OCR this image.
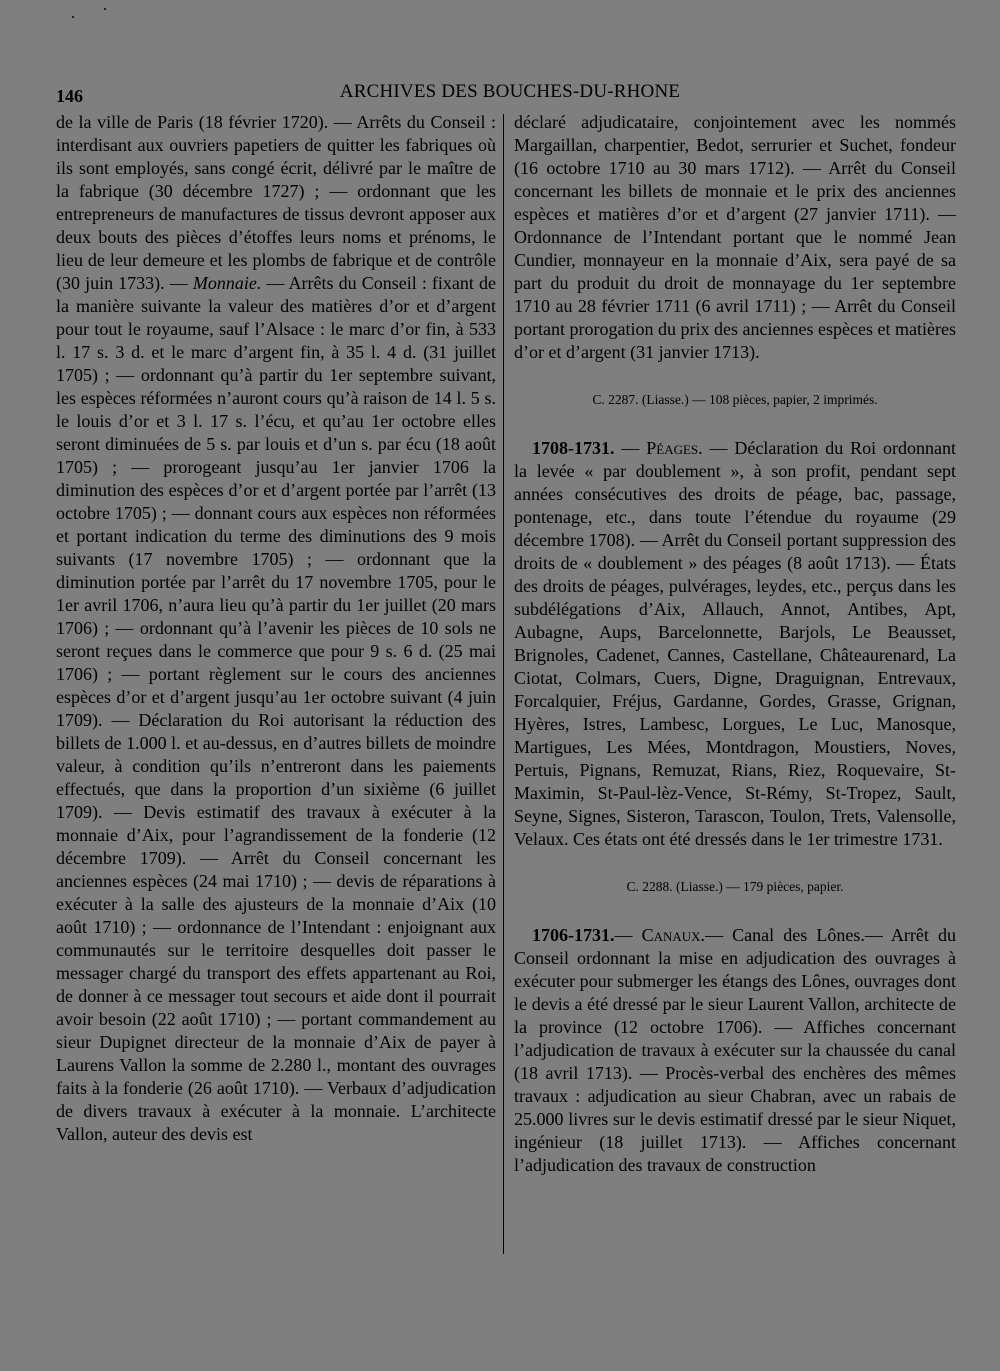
146	ARCHIVES DES BOUCHES-DU-RHONE
de la ville de Paris (18 février 1720). — Arrêts du Conseil : interdisant aux ouvriers papetiers de quitter les fabriques où ils sont employés, sans congé écrit, délivré par le maître de la fabrique (30 décembre 1727) ; — ordonnant que les entrepreneurs de manufactures de tissus devront apposer aux deux bouts des pièces d’étoffes leurs noms et prénoms, le lieu de leur demeure et les plombs de fabrique et de contrôle (30 juin 1733). — Monnaie. — Arrêts du Conseil : fixant de la manière suivante la valeur des matières d’or et d’argent pour tout le royaume, sauf l’Alsace : le marc d’or fin, à 533 l. 17 s. 3 d. et le marc d’argent fin, à 35 l. 4 d. (31 juillet 1705) ; — ordonnant qu’à partir du 1er septembre suivant, les espèces réformées n’auront cours qu’à raison de 14 l. 5 s. le louis d’or et 3 l. 17 s. l’écu, et qu’au 1er octobre elles seront diminuées de 5 s. par louis et d’un s. par écu (18 août 1705) ; — prorogeant jusqu’au 1er janvier 1706 la diminution des espèces d’or et d’argent portée par l’arrêt (13 octobre 1705) ; — donnant cours aux espèces non réformées et portant indication du terme des diminutions des 9 mois suivants (17 novembre 1705) ; — ordonnant que la diminution portée par l’arrêt du 17 novembre 1705, pour le 1er avril 1706, n’aura lieu qu’à partir du 1er juillet (20 mars 1706) ; — ordonnant qu’à l’avenir les pièces de 10 sols ne seront reçues dans le commerce que pour 9 s. 6 d. (25 mai 1706) ; — portant règlement sur le cours des anciennes espèces d’or et d’argent jusqu’au 1er octobre suivant (4 juin 1709). — Déclaration du Roi autorisant la réduction des billets de 1.000 l. et au-dessus, en d’autres billets de moindre valeur, à condition qu’ils n’entreront dans les paiements effectués, que dans la proportion d’un sixième (6 juillet 1709). — Devis estimatif des travaux à exécuter à la monnaie d’Aix, pour l’agrandissement de la fonderie (12 décembre 1709). — Arrêt du Conseil concernant les anciennes espèces (24 mai 1710) ; — devis de réparations à exécuter à la salle des ajusteurs de la monnaie d’Aix (10 août 1710) ; — ordonnance de l’Intendant : enjoignant aux communautés sur le territoire desquelles doit passer le messager chargé du transport des effets appartenant au Roi, de donner à ce messager tout secours et aide dont il pourrait avoir besoin (22 août 1710) ; — portant commandement au sieur Dupignet directeur de la monnaie d’Aix de payer à Laurens Vallon la somme de 2.280 l., montant des ouvrages faits à la fonderie (26 août 1710). — Verbaux d’adjudication de divers travaux à exécuter à la monnaie. L’architecte Vallon, auteur des devis est

déclaré adjudicataire, conjointement avec les nommés Margaillan, charpentier, Bedot, serrurier et Suchet, fondeur (16 octobre 1710 au 30 mars 1712). — Arrêt du Conseil concernant les billets de monnaie et le prix des anciennes espèces et matières d’or et d’argent (27 janvier 1711). — Ordonnance de l’Intendant portant que le nommé Jean Cundier, monnayeur en la monnaie d’Aix, sera payé de sa part du produit du droit de monnayage du 1er septembre 1710 au 28 février 1711 (6 avril 1711) ; — Arrêt du Conseil portant prorogation du prix des anciennes espèces et matières d’or et d’argent (31 janvier 1713).

C. 2287. (Liasse.) — 108 pièces, papier, 2 imprimés.

1708-1731. — Péages. — Déclaration du Roi ordonnant la levée « par doublement », à son profit, pendant sept années consécutives des droits de péage, bac, passage, pontenage, etc., dans toute l’étendue du royaume (29 décembre 1708). — Arrêt du Conseil portant suppression des droits de « doublement » des péages (8 août 1713). — États des droits de péages, pulvérages, leydes, etc., perçus dans les subdélégations d’Aix, Allauch, Annot, Antibes, Apt, Aubagne, Aups, Barcelonnette, Barjols, Le Beausset, Brignoles, Cadenet, Cannes, Castellane, Châteaurenard, La Ciotat, Colmars, Cuers, Digne, Draguignan, Entrevaux, Forcalquier, Fréjus, Gardanne, Gordes, Grasse, Grignan, Hyères, Istres, Lambesc, Lorgues, Le Luc, Manosque, Martigues, Les Mées, Montdragon, Moustiers, Noves, Pertuis, Pignans, Remuzat, Rians, Riez, Roquevaire, St-Maximin, St-Paul-lèz-Vence, St-Rémy, St-Tropez, Sault, Seyne, Signes, Sisteron, Tarascon, Toulon, Trets, Valensolle, Velaux. Ces états ont été dressés dans le 1er trimestre 1731.

C. 2288. (Liasse.) — 179 pièces, papier.

1706-1731.— Canaux.— Canal des Lônes.— Arrêt du Conseil ordonnant la mise en adjudication des ouvrages à exécuter pour submerger les étangs des Lônes, ouvrages dont le devis a été dressé par le sieur Laurent Vallon, architecte de la province (12 octobre 1706). — Affiches concernant l’adjudication de travaux à exécuter sur la chaussée du canal (18 avril 1713). — Procès-verbal des enchères des mêmes travaux : adjudication au sieur Chabran, avec un rabais de 25.000 livres sur le devis estimatif dressé par le sieur Niquet, ingénieur (18 juillet 1713). — Affiches concernant l’adjudication des travaux de construction
